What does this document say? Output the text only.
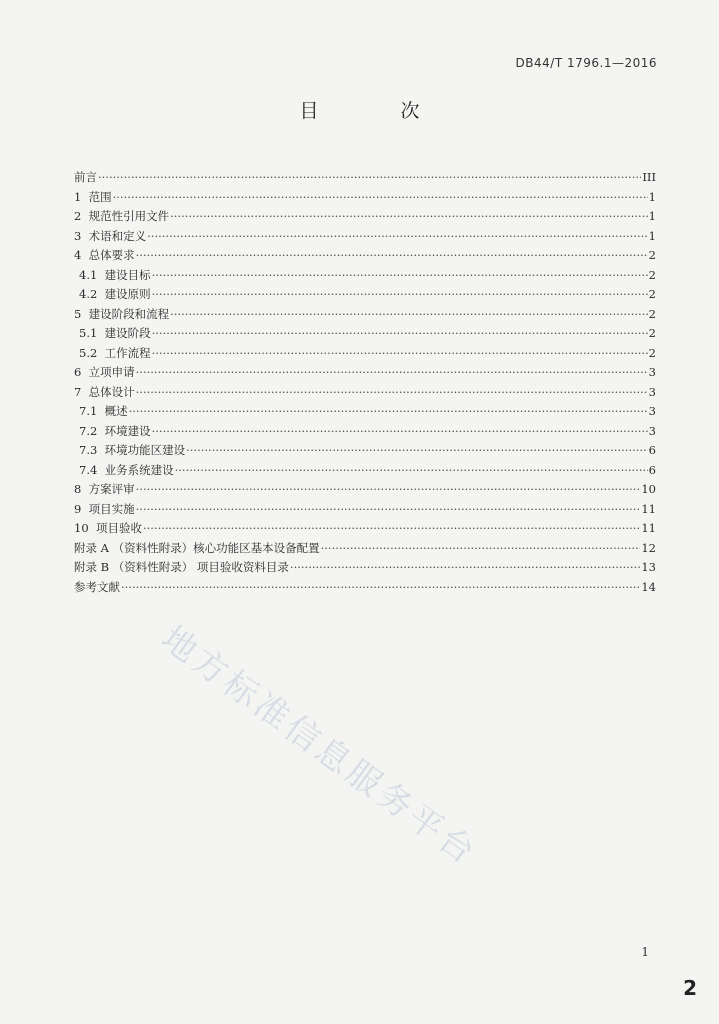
DB44/T 1796.1—2016
目 次
前言 ·····	III
1  范围 ·····	1
2  规范性引用文件 ·····	1
3  术语和定义 ·····	1
4  总体要求 ·····	2
4.1  建设目标 ·····	2
4.2  建设原则 ·····	2
5  建设阶段和流程 ·····	2
5.1  建设阶段 ·····	2
5.2  工作流程 ·····	2
6  立项申请 ·····	3
7  总体设计 ·····	3
7.1  概述 ·····	3
7.2  环境建设 ·····	3
7.3  环境功能区建设 ·····	6
7.4  业务系统建设 ·····	6
8  方案评审 ·····	10
9  项目实施 ·····	11
10  项目验收 ·····	11
附录 A （资料性附录）核心功能区基本设备配置 ·····	12
附录 B （资料性附录） 项目验收资料目录 ·····	13
参考文献 ·····	14
地方标准信息服务平台
1
2
